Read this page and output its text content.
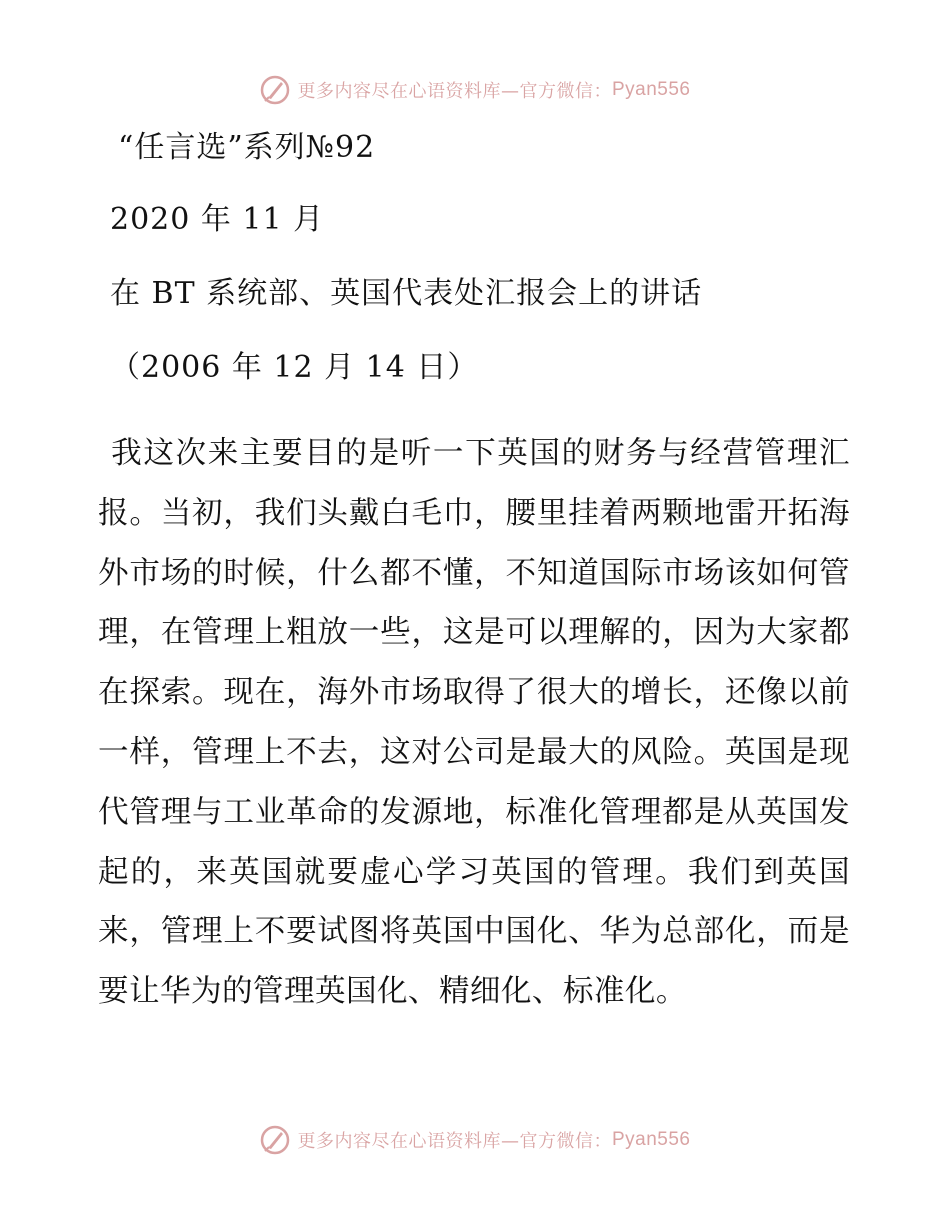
更多内容尽在心语资料库—官方微信： Pyan556
“任言选”系列№92
2020 年 11 月
在 BT 系统部、英国代表处汇报会上的讲话
（2006 年 12 月 14 日）
我这次来主要目的是听一下英国的财务与经营管理汇报。当初，我们头戴白毛巾，腰里挂着两颗地雷开拓海外市场的时候，什么都不懂，不知道国际市场该如何管理，在管理上粗放一些，这是可以理解的，因为大家都在探索。现在，海外市场取得了很大的增长，还像以前一样，管理上不去，这对公司是最大的风险。英国是现代管理与工业革命的发源地，标准化管理都是从英国发起的，来英国就要虚心学习英国的管理。我们到英国来，管理上不要试图将英国中国化、华为总部化，而是要让华为的管理英国化、精细化、标准化。
更多内容尽在心语资料库—官方微信： Pyan556
